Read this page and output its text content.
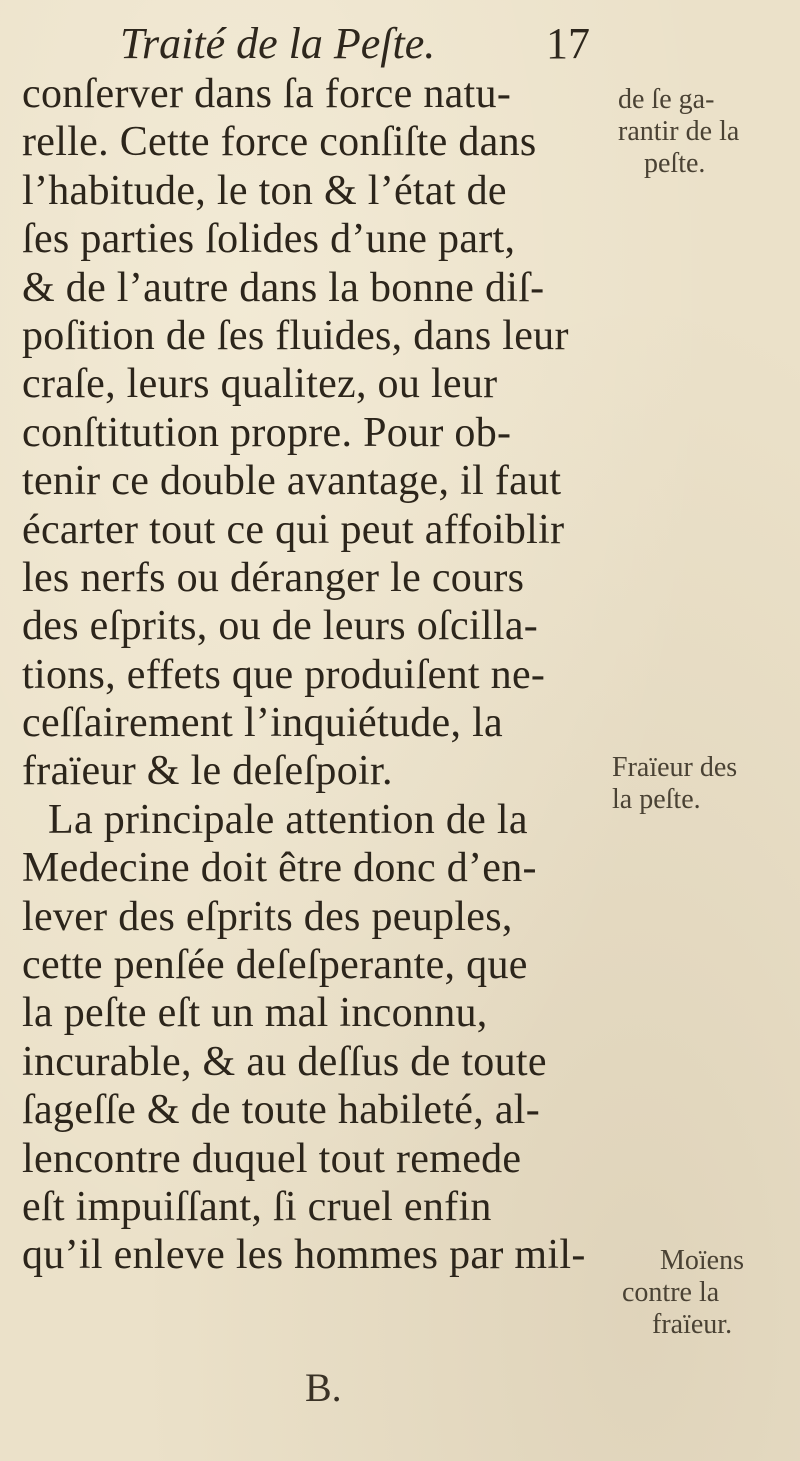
Traité de la Peſte.	17
conſerver dans ſa force natu-
relle. Cette force conſiſte dans
l’habitude, le ton & l’état de
ſes parties ſolides d’une part,
& de l’autre dans la bonne diſ-
poſition de ſes fluides, dans leur
craſe, leurs qualitez, ou leur
conſtitution propre. Pour ob-
tenir ce double avantage, il faut
écarter tout ce qui peut affoiblir
les nerfs ou déranger le cours
des eſprits, ou de leurs oſcilla-
tions, effets que produiſent ne-
ceſſairement l’inquiétude, la
fraïeur & le deſeſpoir.
La principale attention de la
Medecine doit être donc d’en-
lever des eſprits des peuples,
cette penſée deſeſperante, que
la peſte eſt un mal inconnu,
incurable, & au deſſus de toute
ſageſſe & de toute habileté, al-
lencontre duquel tout remede
eſt impuiſſant, ſi cruel enfin
qu’il enleve les hommes par mil-
B.
de ſe ga-
rantir de la
peſte.
Fraïeur des
la peſte.
Moïens
contre la
fraïeur.
